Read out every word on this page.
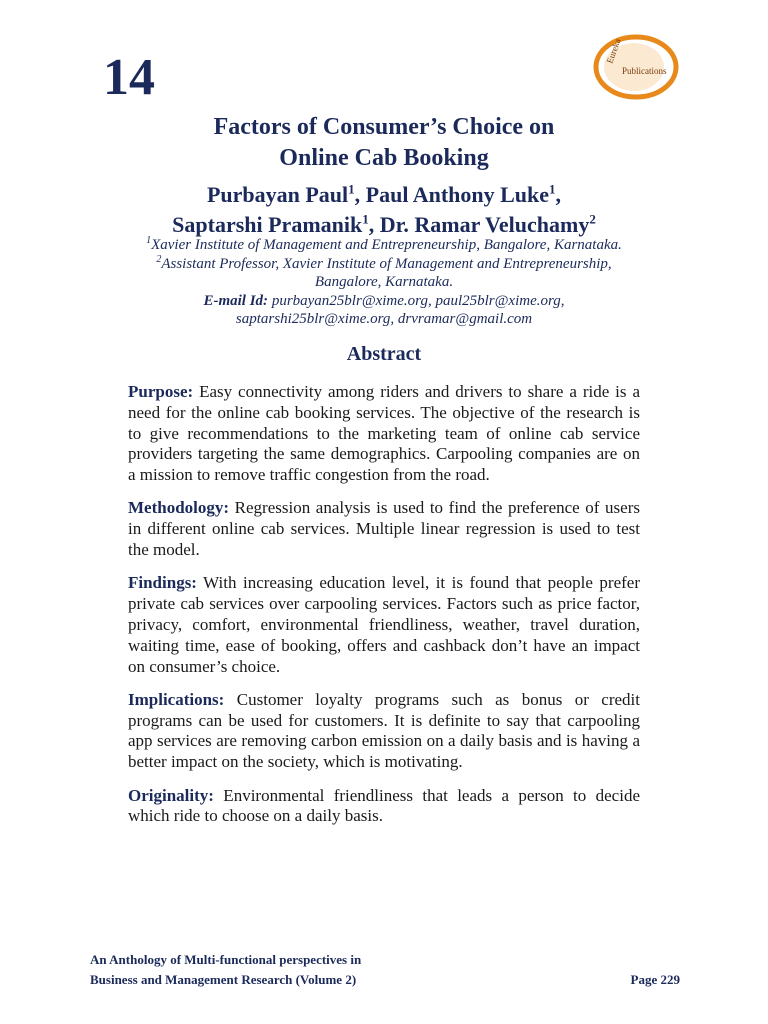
14	Eureka
Publications
Factors of Consumer’s Choice on
Online Cab Booking
Purbayan Paul$^1$, Paul Anthony Luke$^1$,
Saptarshi Pramanik$^1$, Dr. Ramar Veluchamy$^2$
$^1$Xavier Institute of Management and Entrepreneurship, Bangalore, Karnataka.
$^2$Assistant Professor, Xavier Institute of Management and Entrepreneurship,
Bangalore, Karnataka.
E-mail Id: purbayan25blr@xime.org, paul25blr@xime.org,
saptarshi25blr@xime.org, drvramar@gmail.com
Abstract

Purpose: Easy connectivity among riders and drivers to share a ride is a need for the online cab booking services. The objective of the research is to give recommendations to the marketing team of online cab service providers targeting the same demographics. Carpooling companies are on a mission to remove traffic congestion from the road.

Methodology: Regression analysis is used to find the preference of users in different online cab services. Multiple linear regression is used to test the model.

Findings: With increasing education level, it is found that people prefer private cab services over carpooling services. Factors such as price factor, privacy, comfort, environmental friendliness, weather, travel duration, waiting time, ease of booking, offers and cashback don’t have an impact on consumer’s choice.

Implications: Customer loyalty programs such as bonus or credit programs can be used for customers. It is definite to say that carpooling app services are removing carbon emission on a daily basis and is having a better impact on the society, which is motivating.

Originality: Environmental friendliness that leads a person to decide which ride to choose on a daily basis.

An Anthology of Multi-functional perspectives in
Business and Management Research (Volume 2)	Page 229
